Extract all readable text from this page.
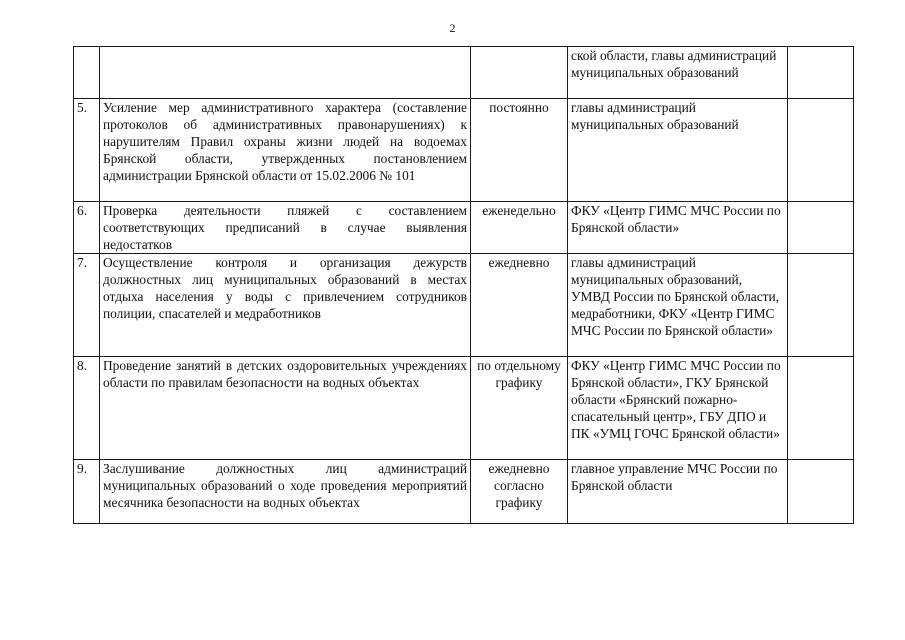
2
			ской области, главы администраций муниципальных образований	
5.	Усиление мер административного характера (составление протоколов об административных правонарушениях) к нарушителям Правил охраны жизни людей на водоемах Брянской области, утвержденных постановлением администрации Брянской области от 15.02.2006 № 101	постоянно	главы администраций муниципальных образований	
6.	Проверка деятельности пляжей с составлением соответствующих предписаний в случае выявления недостатков	еженедельно	ФКУ «Центр ГИМС МЧС России по Брянской области»	
7.	Осуществление контроля и организация дежурств должностных лиц муниципальных образований в местах отдыха населения у воды с привлечением сотрудников полиции, спасателей и медработников	ежедневно	главы администраций муниципальных образований, УМВД России по Брянской области, медработники, ФКУ «Центр ГИМС МЧС России по Брянской области»	
8.	Проведение занятий в детских оздоровительных учреждениях области по правилам безопасности на водных объектах	по отдельному графику	ФКУ «Центр ГИМС МЧС России по Брянской области», ГКУ Брянской области «Брянский пожарно-спасательный центр», ГБУ ДПО и ПК «УМЦ ГОЧС Брянской области»	
9.	Заслушивание должностных лиц администраций муниципальных образований о ходе проведения мероприятий месячника безопасности на водных объектах	ежедневно согласно графику	главное управление МЧС России по Брянской области	
